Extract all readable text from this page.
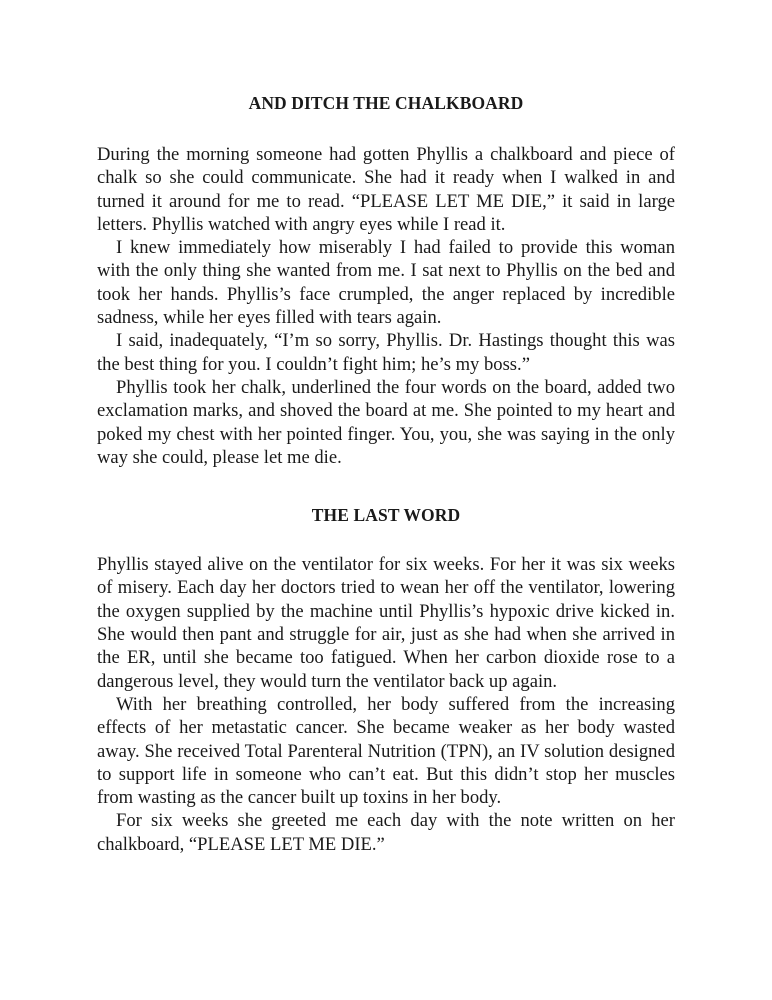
AND DITCH THE CHALKBOARD

During the morning someone had gotten Phyllis a chalkboard and piece of chalk so she could communicate. She had it ready when I walked in and turned it around for me to read. “PLEASE LET ME DIE,” it said in large letters. Phyllis watched with angry eyes while I read it.

I knew immediately how miserably I had failed to provide this woman with the only thing she wanted from me. I sat next to Phyllis on the bed and took her hands. Phyllis’s face crumpled, the anger replaced by incredible sadness, while her eyes filled with tears again.

I said, inadequately, “I’m so sorry, Phyllis. Dr. Hastings thought this was the best thing for you. I couldn’t fight him; he’s my boss.”

Phyllis took her chalk, underlined the four words on the board, added two exclamation marks, and shoved the board at me. She pointed to my heart and poked my chest with her pointed finger. You, you, she was saying in the only way she could, please let me die.

THE LAST WORD

Phyllis stayed alive on the ventilator for six weeks. For her it was six weeks of misery. Each day her doctors tried to wean her off the ventilator, lowering the oxygen supplied by the machine until Phyllis’s hypoxic drive kicked in. She would then pant and struggle for air, just as she had when she arrived in the ER, until she became too fatigued. When her carbon dioxide rose to a dangerous level, they would turn the ventilator back up again.

With her breathing controlled, her body suffered from the increasing effects of her metastatic cancer. She became weaker as her body wasted away. She received Total Parenteral Nutrition (TPN), an IV solution designed to support life in someone who can’t eat. But this didn’t stop her muscles from wasting as the cancer built up toxins in her body.

For six weeks she greeted me each day with the note written on her chalkboard, “PLEASE LET ME DIE.”
